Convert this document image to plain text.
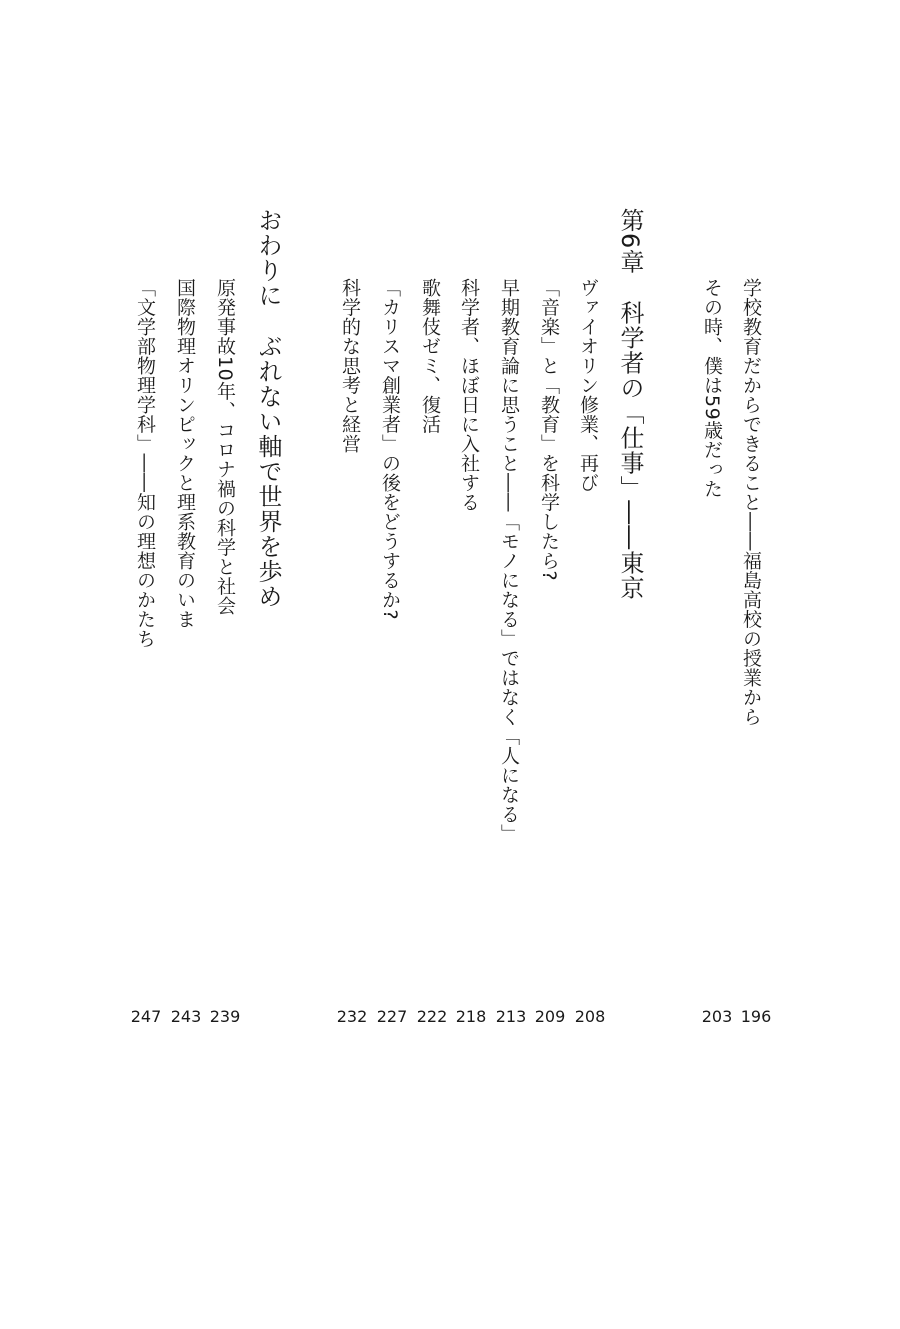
学校教育だからできること――福島高校の授業から
その時、僕は59歳だった
第6章科学者の「仕事」――東京
ヴァイオリン修業、再び
「音楽」と「教育」を科学したら?
早期教育論に思うこと――「モノになる」ではなく「人になる」
科学者、ほぼ日に入社する
歌舞伎ゼミ、復活
「カリスマ創業者」の後をどうするか?
科学的な思考と経営
おわりにぶれない軸で世界を歩め
原発事故10年、コロナ禍の科学と社会
国際物理オリンピックと理系教育のいま
「文学部物理学科」――知の理想のかたち
196
203
208
209
213
218
222
227
232
239
243
247
